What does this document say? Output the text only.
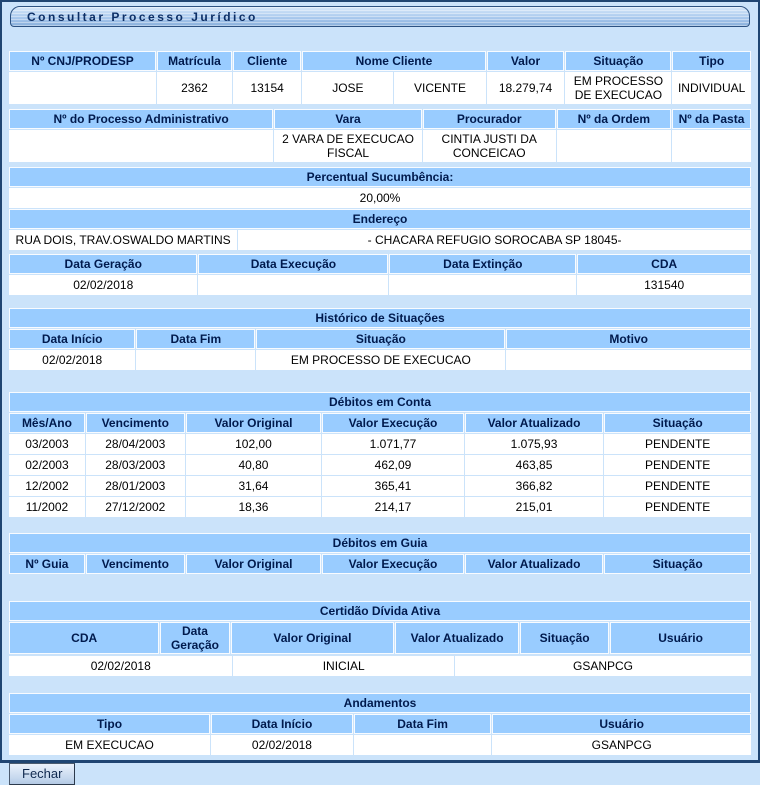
Consultar Processo Jurídico
Nº CNJ/PRODESP	Matrícula	Cliente	Nome Cliente		Valor	Situação	Tipo
	2362	13154	JOSE	VICENTE	18.279,74	EM PROCESSO DE EXECUCAO	INDIVIDUAL
Nº do Processo Administrativo	Vara	Procurador	Nº da Ordem	Nº da Pasta
	2 VARA DE EXECUCAO FISCAL	CINTIA JUSTI DA CONCEICAO		
Percentual Sucumbência:
20,00%
Endereço
RUA DOIS, TRAV.OSWALDO MARTINS	- CHACARA REFUGIO SOROCABA SP 18045-
Data Geração	Data Execução	Data Extinção	CDA
02/02/2018			131540
Histórico de Situações			
Data Início	Data Fim	Situação	Motivo
02/02/2018		EM PROCESSO DE EXECUCAO	
Débitos em Conta					
Mês/Ano	Vencimento	Valor Original	Valor Execução	Valor Atualizado	Situação
03/2003	28/04/2003	102,00	1.071,77	1.075,93	PENDENTE
02/2003	28/03/2003	40,80	462,09	463,85	PENDENTE
12/2002	28/01/2003	31,64	365,41	366,82	PENDENTE
11/2002	27/12/2002	18,36	214,17	215,01	PENDENTE
Débitos em Guia
Nº Guia	Vencimento	Valor Original	Valor Execução	Valor Atualizado	Situação
Certidão Dívida Ativa
CDA	Data Geração	Valor Original	Valor Atualizado	Situação	Usuário
02/02/2018	INICIAL	GSANPCG
Andamentos			
Tipo	Data Início	Data Fim	Usuário
EM EXECUCAO	02/02/2018		GSANPCG
Fechar
